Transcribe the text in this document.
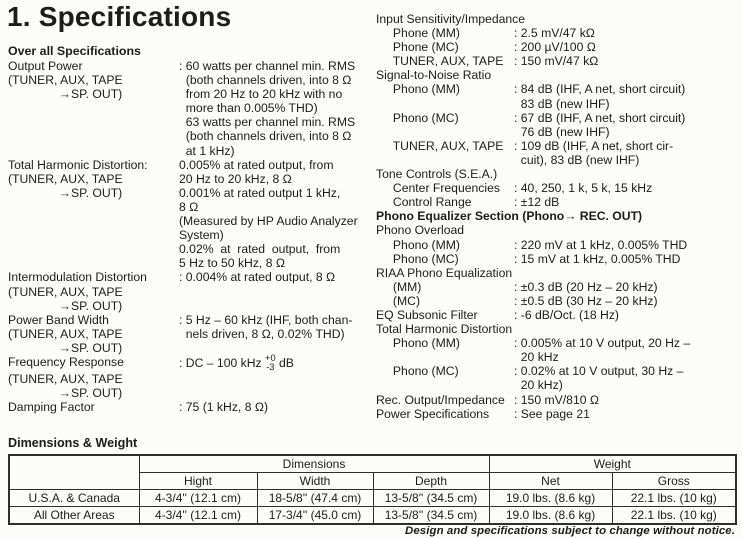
1. Specifications
Over all Specifications
Output Power	: 60 watts per channel min. RMS
(TUNER, AUX, TAPE	(both channels driven, into 8 Ω
→SP. OUT)	from 20 Hz to 20 kHz with no
more than 0.005% THD)
63 watts per channel min. RMS
(both channels driven, into 8 Ω
at 1 kHz)
Total Harmonic Distortion:	0.005% at rated output, from
(TUNER, AUX, TAPE	20 Hz to 20 kHz, 8 Ω
→SP. OUT)	0.001% at rated output 1 kHz,
8 Ω
(Measured by HP Audio Analyzer
System)
0.02%  at  rated  output,  from
5 Hz to 50 kHz, 8 Ω
Intermodulation Distortion	: 0.004% at rated output, 8 Ω
(TUNER, AUX, TAPE
→SP. OUT)
Power Band Width	: 5 Hz – 60 kHz (IHF, both chan-
(TUNER, AUX, TAPE	nels driven, 8 Ω, 0.02% THD)
→SP. OUT)
Frequency Response	: DC – 100 kHz +0
-3 dB
(TUNER, AUX, TAPE
→SP. OUT)
Damping Factor	: 75 (1 kHz, 8 Ω)
Input Sensitivity/Impedance
Phone (MM)	: 2.5 mV/47 kΩ
Phone (MC)	: 200 µV/100 Ω
TUNER, AUX, TAPE : 150 mV/47 kΩ
Signal-to-Noise Ratio
Phono (MM)	: 84 dB (IHF, A net, short circuit)
83 dB (new IHF)
Phono (MC)	: 67 dB (IHF, A net, short circuit)
76 dB (new IHF)
TUNER, AUX, TAPE : 109 dB (IHF, A net, short cir-
cuit), 83 dB (new IHF)
Tone Controls (S.E.A.)
Center Frequencies	: 40, 250, 1 k, 5 k, 15 kHz
Control Range	: ±12 dB
Phono Equalizer Section (Phono→ REC. OUT)
Phono Overload
Phono (MM)	: 220 mV at 1 kHz, 0.005% THD
Phono (MC)	: 15 mV at 1 kHz, 0.005% THD
RIAA Phono Equalization
(MM)	: ±0.3 dB (20 Hz – 20 kHz)
(MC)	: ±0.5 dB (30 Hz – 20 kHz)
EQ Subsonic Filter	: -6 dB/Oct. (18 Hz)
Total Harmonic Distortion
Phono (MM)	: 0.005% at 10 V output, 20 Hz –
20 kHz
Phono (MC)	: 0.02% at 10 V output, 30 Hz –
20 kHz)
Rec. Output/Impedance : 150 mV/810 Ω
Power Specifications	: See page 21
Dimensions & Weight
	Dimensions			Weight	
	Hight	Width	Depth	Net	Gross
U.S.A. & Canada	4-3/4'' (12.1 cm)	18-5/8'' (47.4 cm)	13-5/8'' (34.5 cm)	19.0 lbs. (8.6 kg)	22.1 lbs. (10 kg)
All Other Areas	4-3/4'' (12.1 cm)	17-3/4'' (45.0 cm)	13-5/8'' (34.5 cm)	19.0 lbs. (8.6 kg)	22.1 lbs. (10 kg)
Design and specifications subject to change without notice.
